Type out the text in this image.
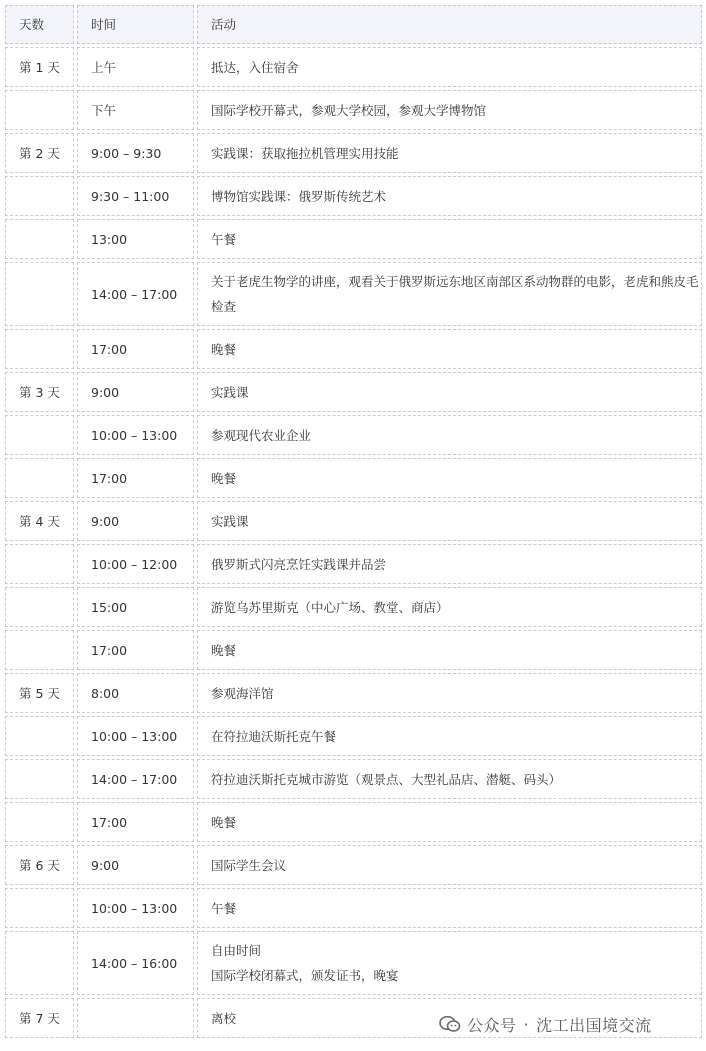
天数	时间	活动
第 1 天	上午	抵达，入住宿舍

	下午	国际学校开幕式，参观大学校园，参观大学博物馆

第 2 天	9:00 – 9:30	实践课：获取拖拉机管理实用技能

	9:30 – 11:00	博物馆实践课：俄罗斯传统艺术

	13:00	午餐

	14:00 – 17:00	关于老虎生物学的讲座，观看关于俄罗斯远东地区南部区系动物群的电影，老虎和熊皮毛检查

	17:00	晚餐

第 3 天	9:00	实践课

	10:00 – 13:00	参观现代农业企业

	17:00	晚餐

第 4 天	9:00	实践课

	10:00 – 12:00	俄罗斯式闪亮烹饪实践课并品尝

	15:00	游览乌苏里斯克（中心广场、教堂、商店）

	17:00	晚餐

第 5 天	8:00	参观海洋馆

	10:00 – 13:00	在符拉迪沃斯托克午餐

	14:00 – 17:00	符拉迪沃斯托克城市游览（观景点、大型礼品店、潜艇、码头）

	17:00	晚餐

第 6 天	9:00	国际学生会议

	10:00 – 13:00	午餐

	14:00 – 16:00	自由时间
国际学校闭幕式，颁发证书，晚宴

第 7 天		离校	公众号 · 沈工出国境交流
